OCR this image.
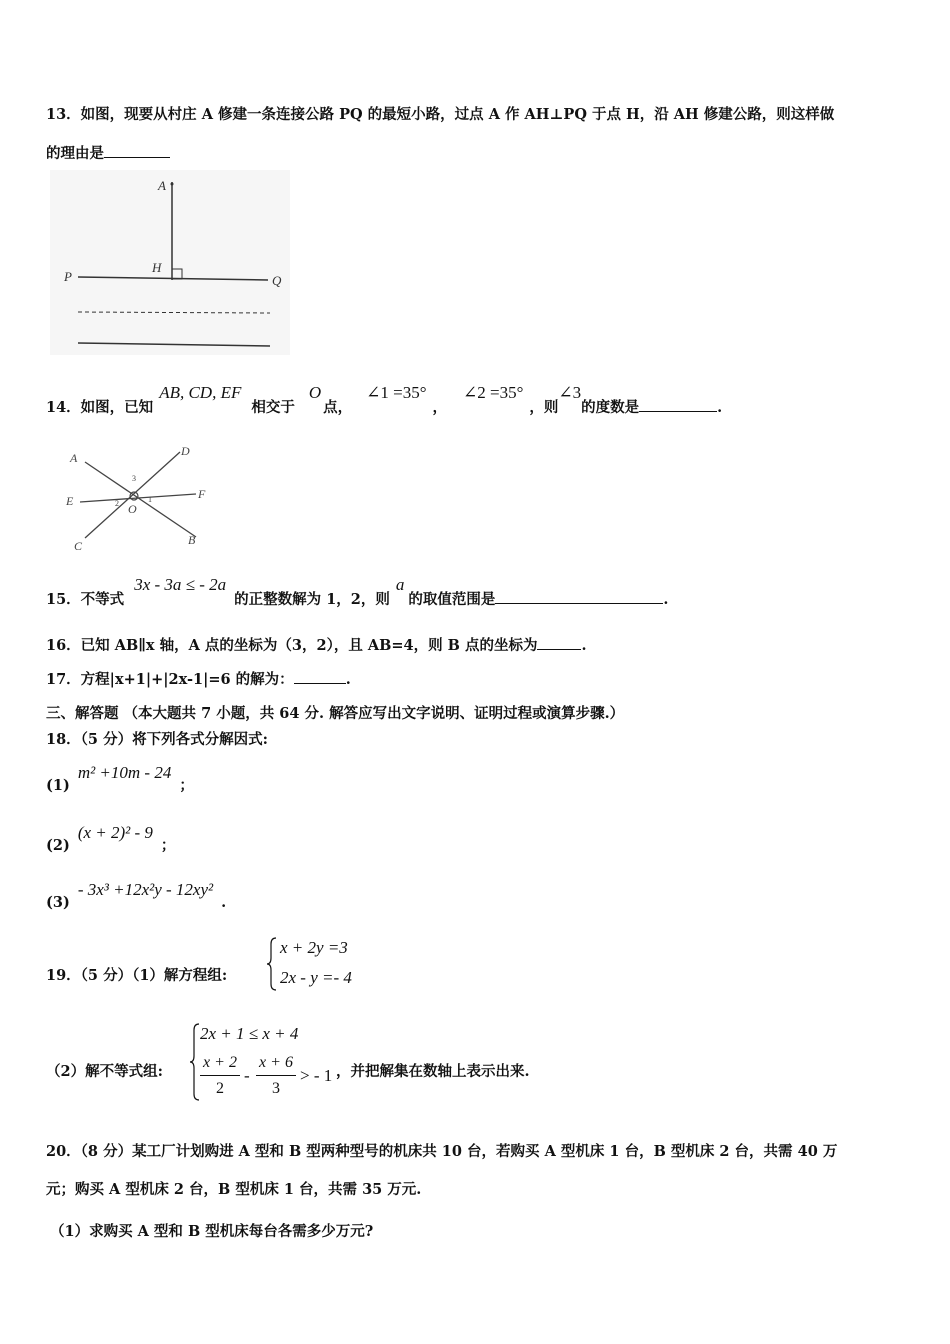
13．如图，现要从村庄 A 修建一条连接公路 PQ 的最短小路，过点 A 作 AH⊥PQ 于点 H，沿 AH 修建公路，则这样做
的理由是
A
H
P	Q
14．如图，已知AB, CD, EF相交于O点，∠1 =35°，∠2 =35°，则∠3的度数是	.
A	D
E	F
C	B
O
1
2
3
15．不等式3x - 3a ≤ - 2a的正整数解为 1，2，则a的取值范围是	.
16．已知 AB∥x 轴，A 点的坐标为（3，2），且 AB=4，则 B 点的坐标为	.
17．方程|x+1|+|2x-1|=6 的解为：	.
三、解答题 （本大题共 7 小题，共 64 分. 解答应写出文字说明、证明过程或演算步骤.）
18．（5 分）将下列各式分解因式:
(1)m² +10m - 24；
(2)(x + 2)² - 9；
(3)- 3x³ +12x²y - 12xy².
19．（5 分）（1）解方程组:
x + 2y =3
2x - y =- 4
（2）解不等式组:
2x + 1 ≤ x + 4
x + 2
2
-
x + 6
3
> - 1 ，并把解集在数轴上表示出来.
20．（8 分）某工厂计划购进 A 型和 B 型两种型号的机床共 10 台，若购买 A 型机床 1 台，B 型机床 2 台，共需 40 万
元；购买 A 型机床 2 台，B 型机床 1 台，共需 35 万元.
（1）求购买 A 型和 B 型机床每台各需多少万元?
